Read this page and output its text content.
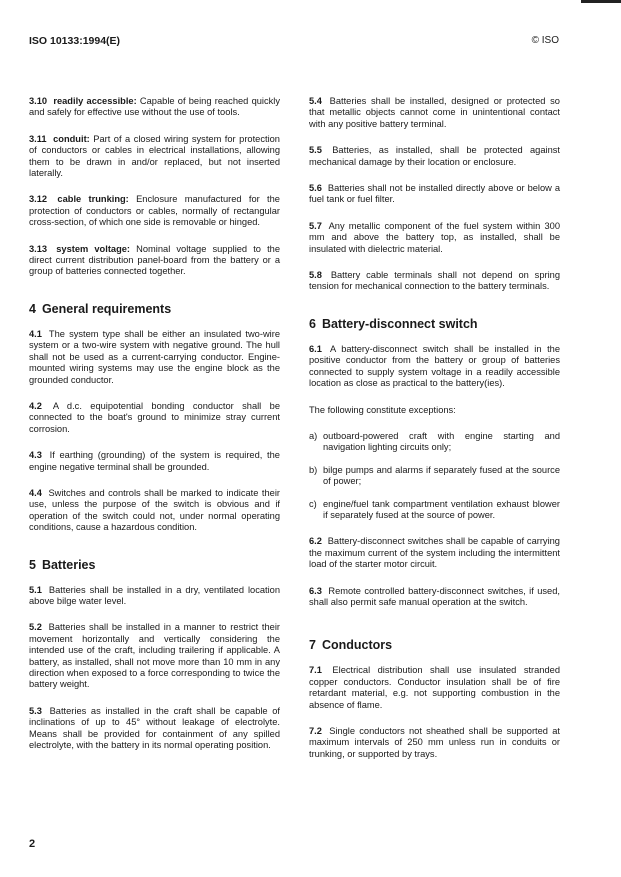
ISO 10133:1994(E)	© ISO

3.10 readily accessible: Capable of being reached quickly and safely for effective use without the use of tools.

3.11 conduit: Part of a closed wiring system for protection of conductors or cables in electrical installations, allowing them to be drawn in and/or replaced, but not inserted laterally.

3.12 cable trunking: Enclosure manufactured for the protection of conductors or cables, normally of rectangular cross-section, of which one side is removable or hinged.

3.13 system voltage: Nominal voltage supplied to the direct current distribution panel-board from the battery or a group of batteries connected together.

4 General requirements

4.1 The system type shall be either an insulated two-wire system or a two-wire system with negative ground. The hull shall not be used as a current-carrying conductor. Engine-mounted wiring systems may use the engine block as the grounded conductor.

4.2 A d.c. equipotential bonding conductor shall be connected to the boat's ground to minimize stray current corrosion.

4.3 If earthing (grounding) of the system is required, the engine negative terminal shall be grounded.

4.4 Switches and controls shall be marked to indicate their use, unless the purpose of the switch is obvious and if operation of the switch could not, under normal operating conditions, cause a hazardous condition.

5 Batteries

5.1 Batteries shall be installed in a dry, ventilated location above bilge water level.

5.2 Batteries shall be installed in a manner to restrict their movement horizontally and vertically considering the intended use of the craft, including trailering if applicable. A battery, as installed, shall not move more than 10 mm in any direction when exposed to a force corresponding to twice the battery weight.

5.3 Batteries as installed in the craft shall be capable of inclinations of up to 45° without leakage of electrolyte. Means shall be provided for containment of any spilled electrolyte, with the battery in its normal operating position.

5.4 Batteries shall be installed, designed or protected so that metallic objects cannot come in unintentional contact with any positive battery terminal.

5.5 Batteries, as installed, shall be protected against mechanical damage by their location or enclosure.

5.6 Batteries shall not be installed directly above or below a fuel tank or fuel filter.

5.7 Any metallic component of the fuel system within 300 mm and above the battery top, as installed, shall be insulated with dielectric material.

5.8 Battery cable terminals shall not depend on spring tension for mechanical connection to the battery terminals.

6 Battery-disconnect switch

6.1 A battery-disconnect switch shall be installed in the positive conductor from the battery or group of batteries connected to supply system voltage in a readily accessible location as close as practical to the battery(ies).

The following constitute exceptions:

a) outboard-powered craft with engine starting and navigation lighting circuits only;
b) bilge pumps and alarms if separately fused at the source of power;
c) engine/fuel tank compartment ventilation exhaust blower if separately fused at the source of power.

6.2 Battery-disconnect switches shall be capable of carrying the maximum current of the system including the intermittent load of the starter motor circuit.

6.3 Remote controlled battery-disconnect switches, if used, shall also permit safe manual operation at the switch.

7 Conductors

7.1 Electrical distribution shall use insulated stranded copper conductors. Conductor insulation shall be of fire retardant material, e.g. not supporting combustion in the absence of flame.

7.2 Single conductors not sheathed shall be supported at maximum intervals of 250 mm unless run in conduits or trunking, or supported by trays.

2
